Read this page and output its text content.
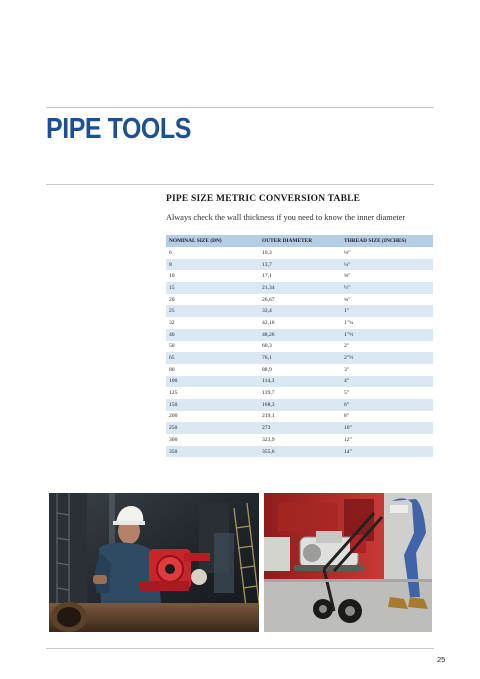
PIPE TOOLS
PIPE SIZE METRIC CONVERSION TABLE
Always check the wall thickness if you need to know the inner diameter
NOMINAL SIZE (DN)	OUTER DIAMETER	THREAD SIZE (INCHES)
6	10,3	⅛"
8	13,7	¼"
10	17,1	⅜"
15	21,34	½"
20	26,67	¾"
25	33,4	1"
32	42,16	1"¼
40	48,26	1"½
50	60,3	2"
65	76,1	2"½
80	88,9	3"
100	114,3	4"
125	139,7	5"
150	168,3	6"
200	219,1	8"
250	273	10"
300	323,9	12"
350	355,6	14"
25
